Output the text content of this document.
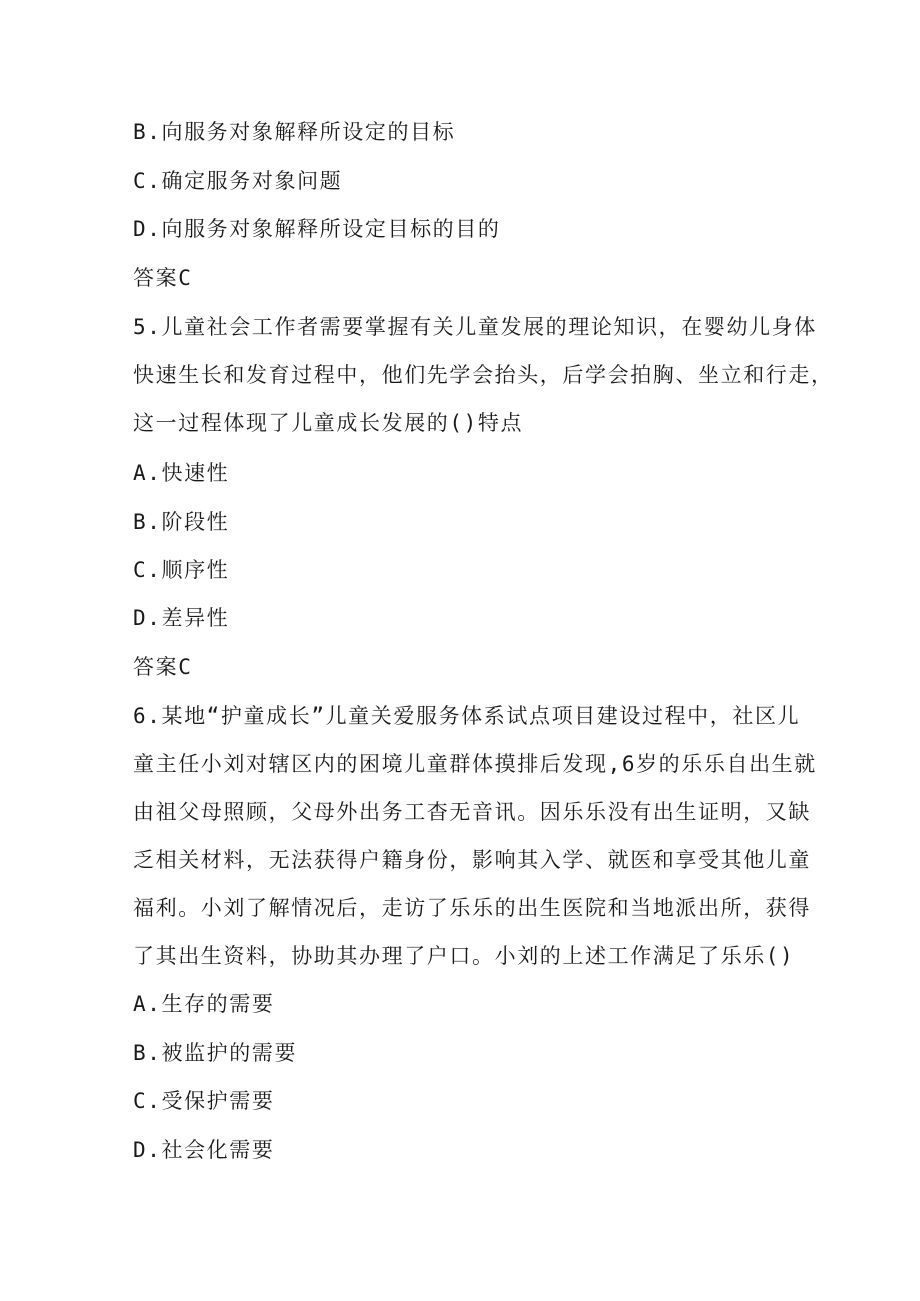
B.向服务对象解释所设定的目标
C.确定服务对象问题
D.向服务对象解释所设定目标的目的
答案C
5.儿童社会工作者需要掌握有关儿童发展的理论知识，在婴幼儿身体
快速生长和发育过程中，他们先学会抬头，后学会拍胸、坐立和行走，
这一过程体现了儿童成长发展的()特点
A.快速性
B.阶段性
C.顺序性
D.差异性
答案C
6.某地“护童成长”儿童关爱服务体系试点项目建设过程中，社区儿
童主任小刘对辖区内的困境儿童群体摸排后发现,6岁的乐乐自出生就
由祖父母照顾，父母外出务工杳无音讯。因乐乐没有出生证明，又缺
乏相关材料，无法获得户籍身份，影响其入学、就医和享受其他儿童
福利。小刘了解情况后，走访了乐乐的出生医院和当地派出所，获得
了其出生资料，协助其办理了户口。小刘的上述工作满足了乐乐()
A.生存的需要
B.被监护的需要
C.受保护需要
D.社会化需要
